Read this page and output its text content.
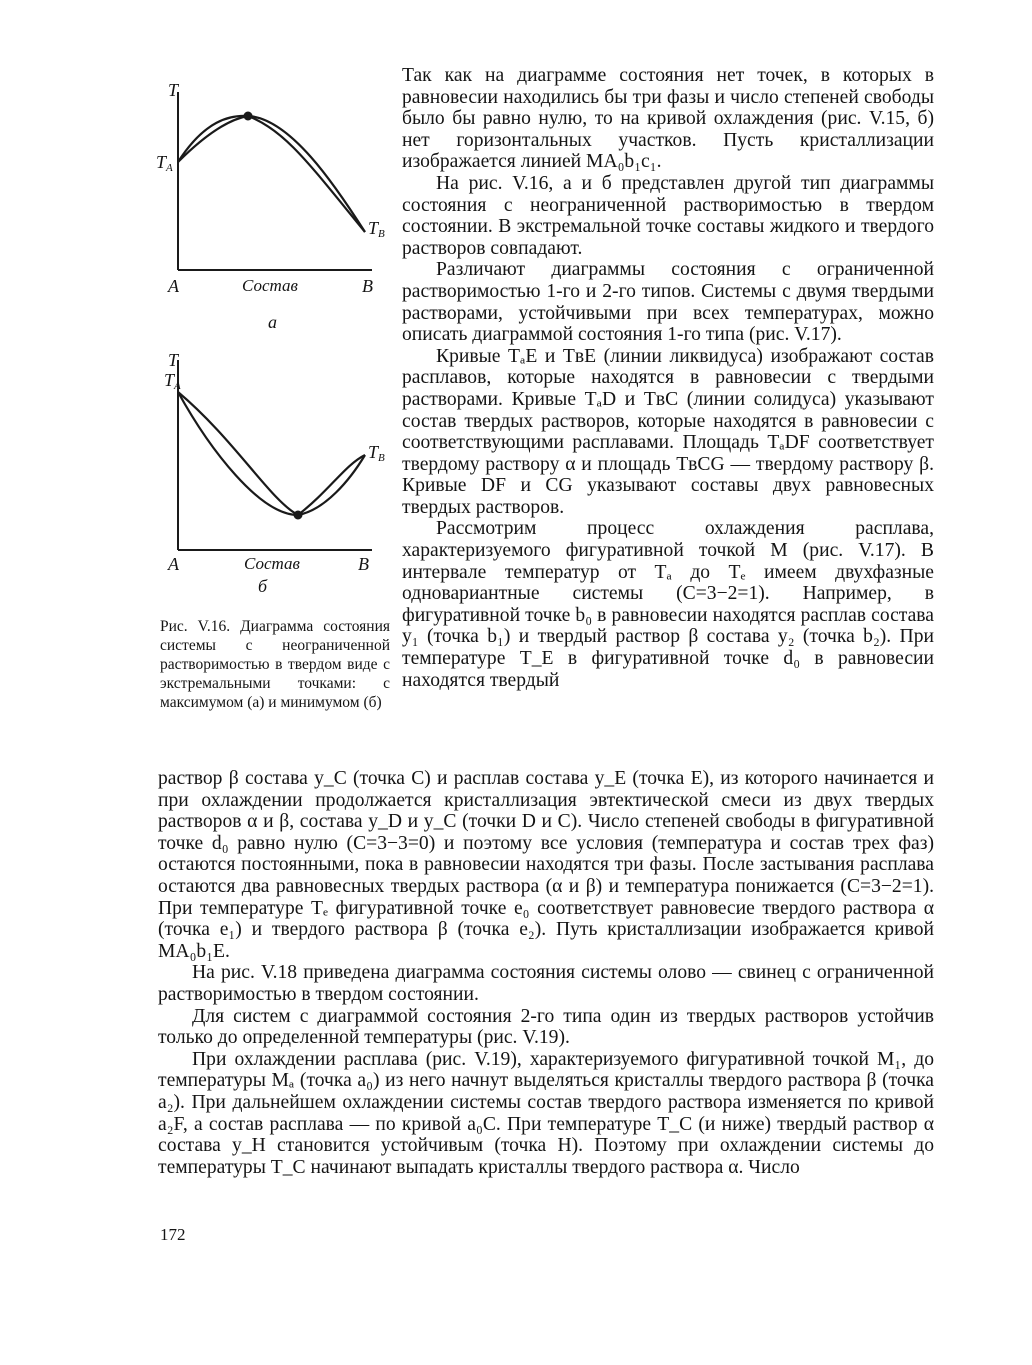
T
TA
TB
A	Состав	B
а
T
TA
TB
A	Состав	B
б
Рис. V.16. Диаграмма состояния системы с неограниченной растворимостью в твердом виде с экстремальными точками: с максимумом (а) и минимумом (б)

Так как на диаграмме состояния нет точек, в которых в равновесии находились бы три фазы и число степеней свободы было бы равно нулю, то на кривой охлаждения (рис. V.15, б) нет горизонтальных участков. Пусть кристаллизации изображается линией MA₀b₁c₁.

На рис. V.16, а и б представлен другой тип диаграммы состояния с неограниченной растворимостью в твердом состоянии. В экстремальной точке составы жидкого и твердого растворов совпадают.

Различают диаграммы состояния с ограниченной растворимостью 1-го и 2-го типов. Системы с двумя твердыми растворами, устойчивыми при всех температурах, можно описать диаграммой состояния 1-го типа (рис. V.17).

Кривые TₐE и TʙE (линии ликвидуса) изображают состав расплавов, которые находятся в равновесии с твердыми растворами. Кривые TₐD и TʙC (линии солидуса) указывают состав твердых растворов, которые находятся в равновесии с соответствующими расплавами. Площадь TₐDF соответствует твердому раствору α и площадь TʙCG — твердому раствору β. Кривые DF и CG указывают составы двух равновесных твердых растворов.

Рассмотрим процесс охлаждения расплава, характеризуемого фигуративной точкой M (рис. V.17). В интервале температур от Tₐ до Tₑ имеем двухфазные одновариантные системы (C=3−2=1). Например, в фигуративной точке b₀ в равновесии находятся расплав состава y₁ (точка b₁) и твердый раствор β состава y₂ (точка b₂). При температуре T_E в фигуративной точке d₀ в равновесии находятся твердый

раствор β состава y_C (точка C) и расплав состава y_E (точка E), из которого начинается и при охлаждении продолжается кристаллизация эвтектической смеси из двух твердых растворов α и β, состава y_D и y_C (точки D и C). Число степеней свободы в фигуративной точке d₀ равно нулю (C=3−3=0) и поэтому все условия (температура и состав трех фаз) остаются постоянными, пока в равновесии находятся три фазы. После застывания расплава остаются два равновесных твердых раствора (α и β) и температура понижается (C=3−2=1). При температуре Tₑ фигуративной точке e₀ соответствует равновесие твердого раствора α (точка e₁) и твердого раствора β (точка e₂). Путь кристаллизации изображается кривой MA₀b₁E.

На рис. V.18 приведена диаграмма состояния системы олово — свинец с ограниченной растворимостью в твердом состоянии.

Для систем с диаграммой состояния 2-го типа один из твердых растворов устойчив только до определенной температуры (рис. V.19).

При охлаждении расплава (рис. V.19), характеризуемого фигуративной точкой M₁, до температуры Mₐ (точка a₀) из него начнут выделяться кристаллы твердого раствора β (точка a₂). При дальнейшем охлаждении системы состав твердого раствора изменяется по кривой a₂F, а состав расплава — по кривой a₀C. При температуре T_C (и ниже) твердый раствор α состава y_H становится устойчивым (точка H). Поэтому при охлаждении системы до температуры T_C начинают выпадать кристаллы твердого раствора α. Число

172
